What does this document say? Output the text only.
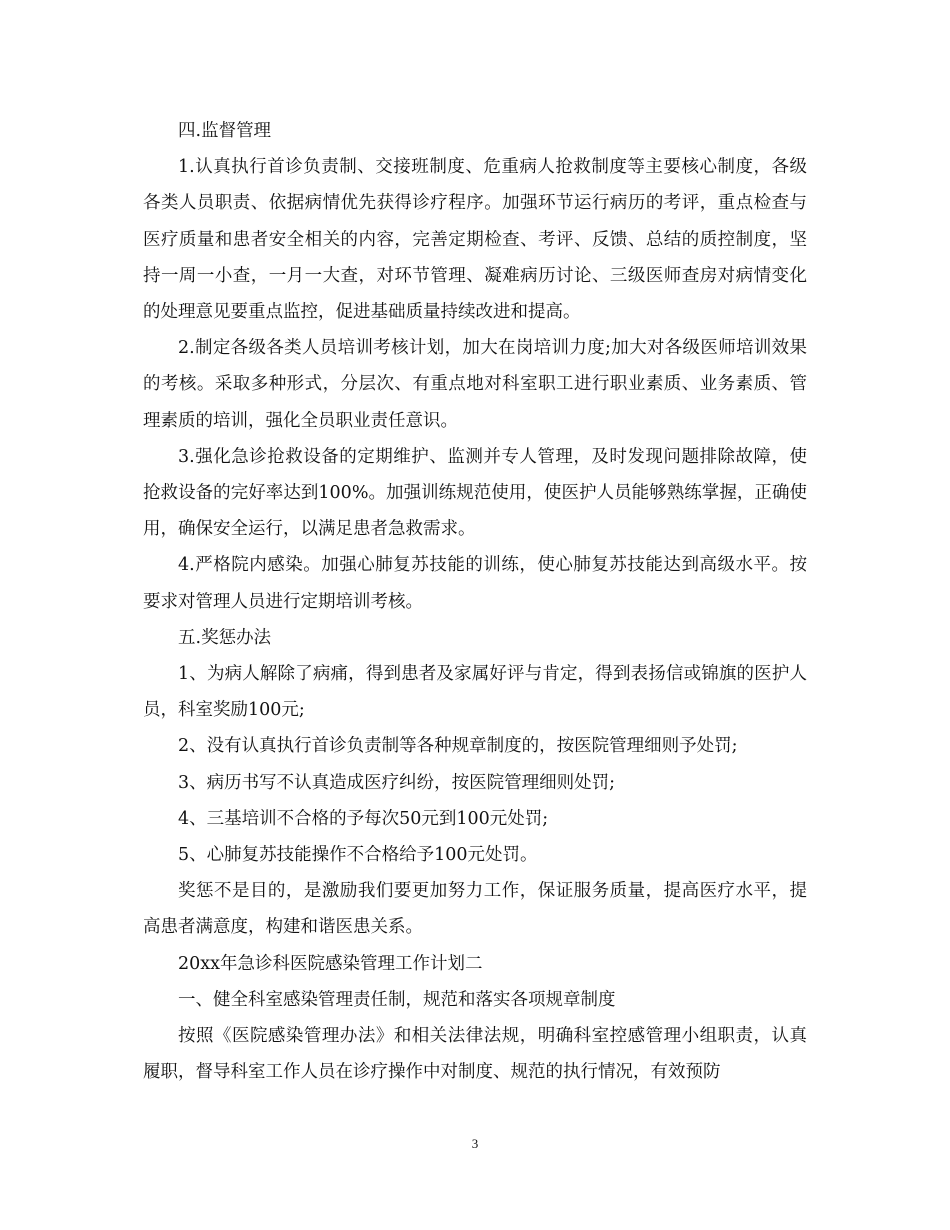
四.监督管理

1.认真执行首诊负责制、交接班制度、危重病人抢救制度等主要核心制度，各级各类人员职责、依据病情优先获得诊疗程序。加强环节运行病历的考评，重点检查与医疗质量和患者安全相关的内容，完善定期检查、考评、反馈、总结的质控制度，坚持一周一小查，一月一大查，对环节管理、凝难病历讨论、三级医师查房对病情变化的处理意见要重点监控，促进基础质量持续改进和提高。

2.制定各级各类人员培训考核计划，加大在岗培训力度;加大对各级医师培训效果的考核。采取多种形式，分层次、有重点地对科室职工进行职业素质、业务素质、管理素质的培训，强化全员职业责任意识。

3.强化急诊抢救设备的定期维护、监测并专人管理，及时发现问题排除故障，使抢救设备的完好率达到100%。加强训练规范使用，使医护人员能够熟练掌握，正确使用，确保安全运行，以满足患者急救需求。

4.严格院内感染。加强心肺复苏技能的训练，使心肺复苏技能达到高级水平。按要求对管理人员进行定期培训考核。

五.奖惩办法

1、为病人解除了病痛，得到患者及家属好评与肯定，得到表扬信或锦旗的医护人员，科室奖励100元;

2、没有认真执行首诊负责制等各种规章制度的，按医院管理细则予处罚;

3、病历书写不认真造成医疗纠纷，按医院管理细则处罚;

4、三基培训不合格的予每次50元到100元处罚;

5、心肺复苏技能操作不合格给予100元处罚。

奖惩不是目的，是激励我们要更加努力工作，保证服务质量，提高医疗水平，提高患者满意度，构建和谐医患关系。

20xx年急诊科医院感染管理工作计划二

一、健全科室感染管理责任制，规范和落实各项规章制度

按照《医院感染管理办法》和相关法律法规，明确科室控感管理小组职责，认真履职，督导科室工作人员在诊疗操作中对制度、规范的执行情况，有效预防

3
